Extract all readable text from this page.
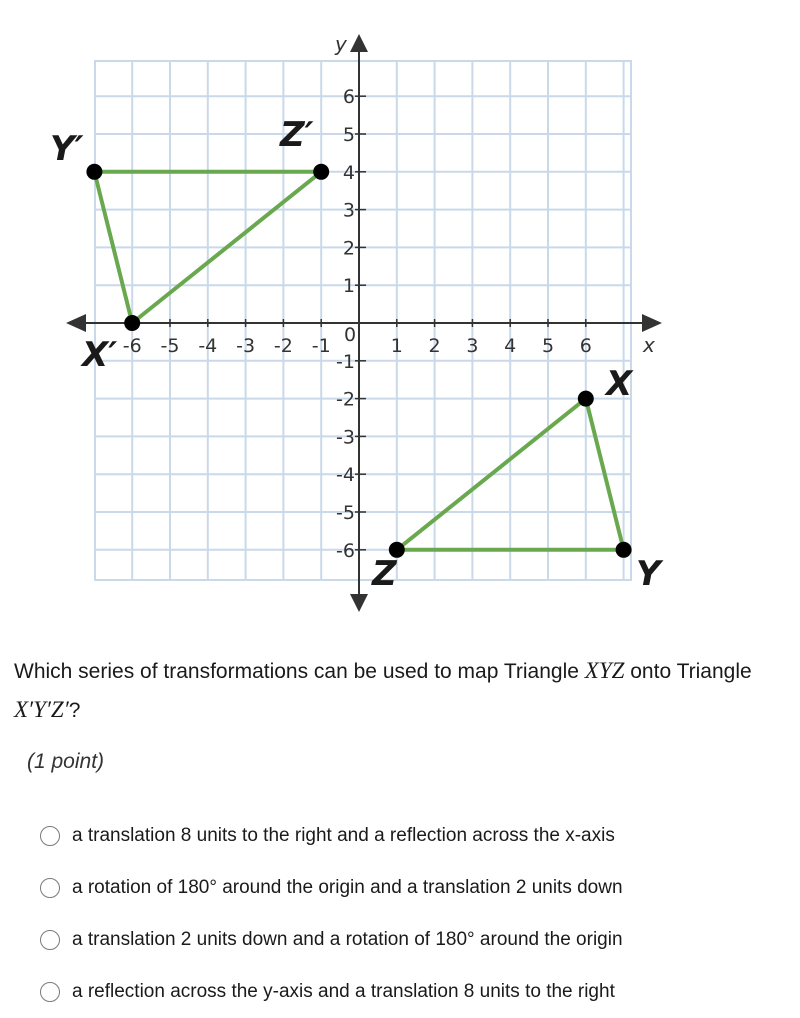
x
y
0
-6 -5 -4 -3 -2 -1	1 2 3 4 5 6
6
5
4
3
2
1
-1
-2
-3
-4
-5
-6
X′
Y′	Z′
X
Y
Z
Which series of transformations can be used to map Triangle XYZ onto Triangle X′Y′Z′?
(1 point)
a translation 8 units to the right and a reflection across the x-axis
a rotation of 180° around the origin and a translation 2 units down
a translation 2 units down and a rotation of 180° around the origin
a reflection across the y-axis and a translation 8 units to the right
